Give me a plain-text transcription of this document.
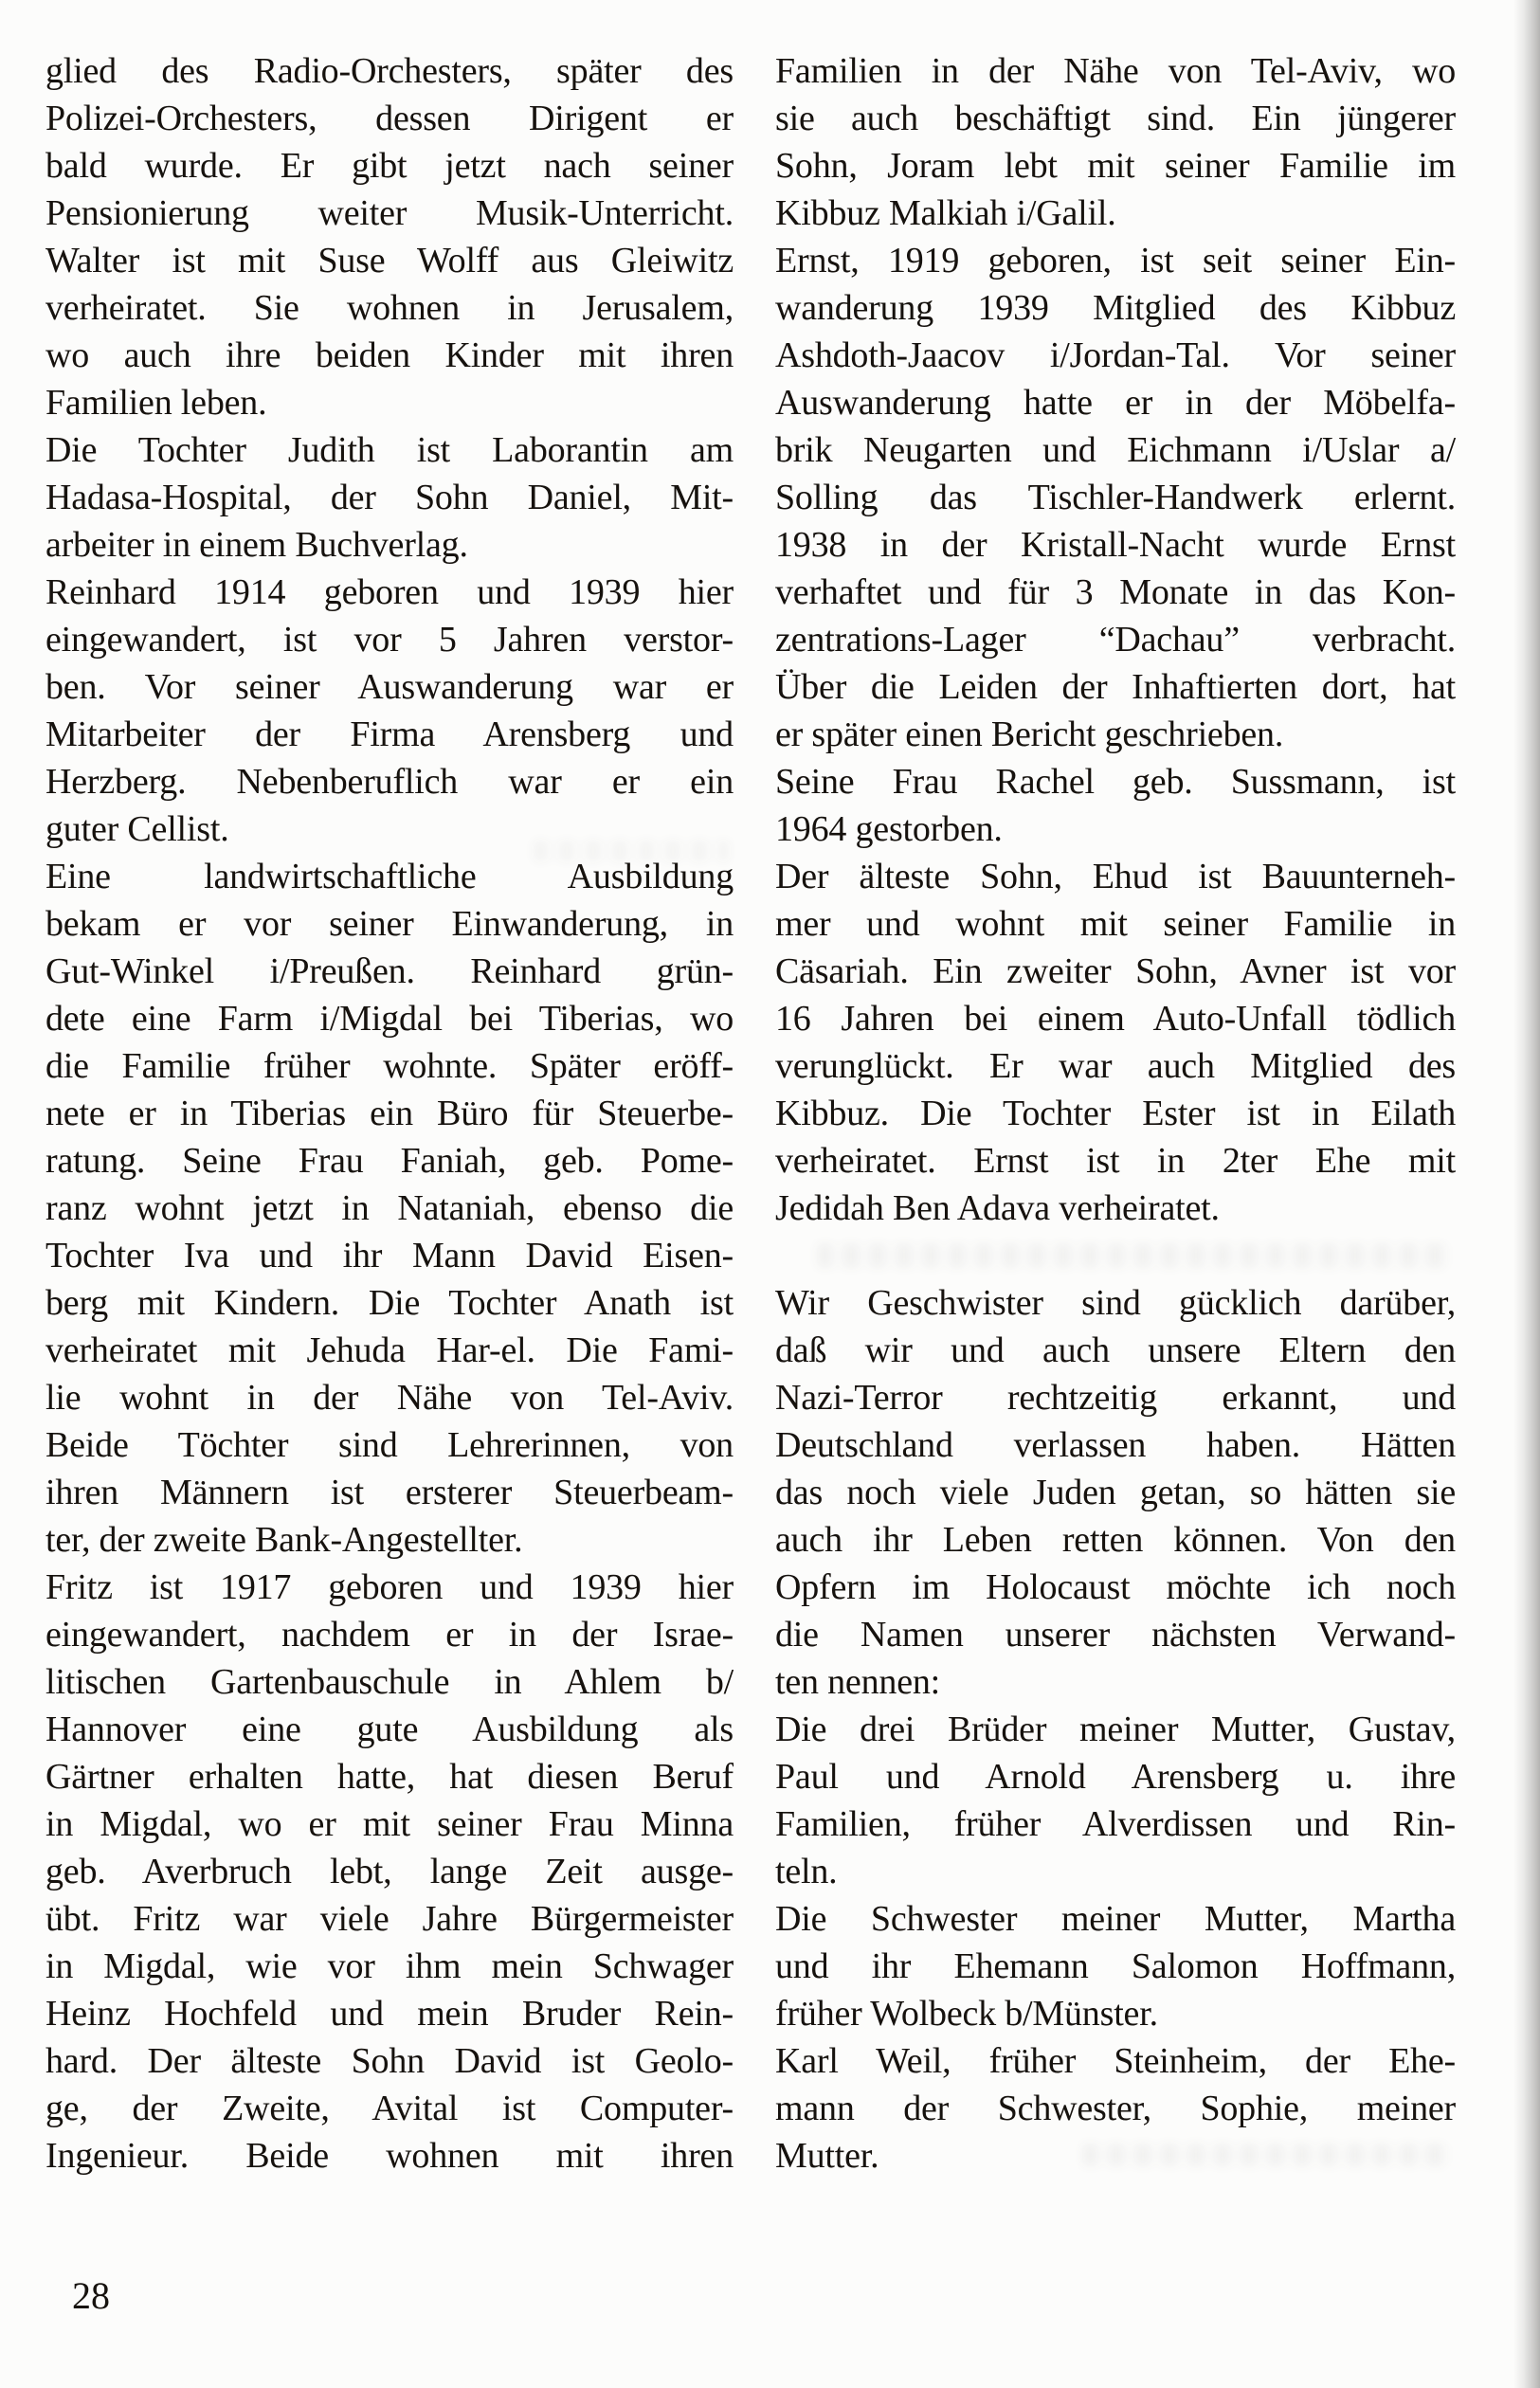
glied des Radio-Orchesters, später des
Polizei-Orchesters, dessen Dirigent er
bald wurde. Er gibt jetzt nach seiner
Pensionierung weiter Musik-Unterricht.
Walter ist mit Suse Wolff aus Gleiwitz
verheiratet. Sie wohnen in Jerusalem,
wo auch ihre beiden Kinder mit ihren
Familien leben.
Die Tochter Judith ist Laborantin am
Hadasa-Hospital, der Sohn Daniel, Mit-
arbeiter in einem Buchverlag.
Reinhard 1914 geboren und 1939 hier
eingewandert, ist vor 5 Jahren verstor-
ben. Vor seiner Auswanderung war er
Mitarbeiter der Firma Arensberg und
Herzberg. Nebenberuflich war er ein
guter Cellist.
Eine landwirtschaftliche Ausbildung
bekam er vor seiner Einwanderung, in
Gut-Winkel i/Preußen. Reinhard grün-
dete eine Farm i/Migdal bei Tiberias, wo
die Familie früher wohnte. Später eröff-
nete er in Tiberias ein Büro für Steuerbe-
ratung. Seine Frau Faniah, geb. Pome-
ranz wohnt jetzt in Nataniah, ebenso die
Tochter Iva und ihr Mann David Eisen-
berg mit Kindern. Die Tochter Anath ist
verheiratet mit Jehuda Har-el. Die Fami-
lie wohnt in der Nähe von Tel-Aviv.
Beide Töchter sind Lehrerinnen, von
ihren Männern ist ersterer Steuerbeam-
ter, der zweite Bank-Angestellter.
Fritz ist 1917 geboren und 1939 hier
eingewandert, nachdem er in der Israe-
litischen Gartenbauschule in Ahlem b/
Hannover eine gute Ausbildung als
Gärtner erhalten hatte, hat diesen Beruf
in Migdal, wo er mit seiner Frau Minna
geb. Averbruch lebt, lange Zeit ausge-
übt. Fritz war viele Jahre Bürgermeister
in Migdal, wie vor ihm mein Schwager
Heinz Hochfeld und mein Bruder Rein-
hard. Der älteste Sohn David ist Geolo-
ge, der Zweite, Avital ist Computer-
Ingenieur. Beide wohnen mit ihren
Familien in der Nähe von Tel-Aviv, wo
sie auch beschäftigt sind. Ein jüngerer
Sohn, Joram lebt mit seiner Familie im
Kibbuz Malkiah i/Galil.
Ernst, 1919 geboren, ist seit seiner Ein-
wanderung 1939 Mitglied des Kibbuz
Ashdoth-Jaacov i/Jordan-Tal. Vor seiner
Auswanderung hatte er in der Möbelfa-
brik Neugarten und Eichmann i/Uslar a/
Solling das Tischler-Handwerk erlernt.
1938 in der Kristall-Nacht wurde Ernst
verhaftet und für 3 Monate in das Kon-
zentrations-Lager “Dachau” verbracht.
Über die Leiden der Inhaftierten dort, hat
er später einen Bericht geschrieben.
Seine Frau Rachel geb. Sussmann, ist
1964 gestorben.
Der älteste Sohn, Ehud ist Bauunterneh-
mer und wohnt mit seiner Familie in
Cäsariah. Ein zweiter Sohn, Avner ist vor
16 Jahren bei einem Auto-Unfall tödlich
verunglückt. Er war auch Mitglied des
Kibbuz. Die Tochter Ester ist in Eilath
verheiratet. Ernst ist in 2ter Ehe mit
Jedidah Ben Adava verheiratet.
Wir Geschwister sind gücklich darüber,
daß wir und auch unsere Eltern den
Nazi-Terror rechtzeitig erkannt, und
Deutschland verlassen haben. Hätten
das noch viele Juden getan, so hätten sie
auch ihr Leben retten können. Von den
Opfern im Holocaust möchte ich noch
die Namen unserer nächsten Verwand-
ten nennen:
Die drei Brüder meiner Mutter, Gustav,
Paul und Arnold Arensberg u. ihre
Familien, früher Alverdissen und Rin-
teln.
Die Schwester meiner Mutter, Martha
und ihr Ehemann Salomon Hoffmann,
früher Wolbeck b/Münster.
Karl Weil, früher Steinheim, der Ehe-
mann der Schwester, Sophie, meiner
Mutter.
28
